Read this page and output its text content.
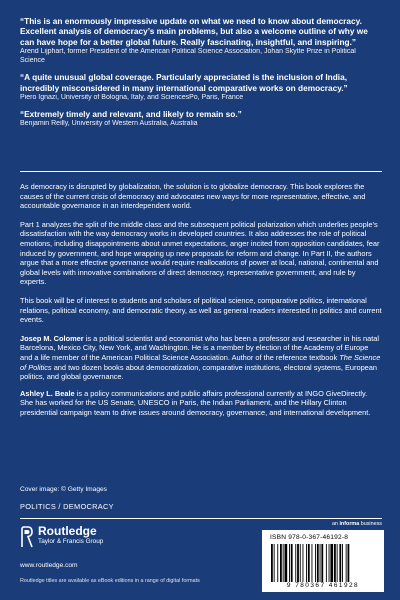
“This is an enormously impressive update on what we need to know about democracy. Excellent analysis of democracy’s main problems, but also a welcome outline of why we can have hope for a better global future. Really fascinating, insightful, and inspiring.”

Arend Lijphart, former President of the American Political Science Association, Johan Skytte Prize in Political Science

“A quite unusual global coverage. Particularly appreciated is the inclusion of India, incredibly misconsidered in many international comparative works on democracy.”

Piero Ignazi, University of Bologna, Italy, and SciencesPo, Paris, France

“Extremely timely and relevant, and likely to remain so.”

Benjamin Reilly, University of Western Australia, Australia

As democracy is disrupted by globalization, the solution is to globalize democracy. This book explores the causes of the current crisis of democracy and advocates new ways for more representative, effective, and accountable governance in an interdependent world.

Part 1 analyzes the split of the middle class and the subsequent political polarization which underlies people’s dissatisfaction with the way democracy works in developed countries. It also addresses the role of political emotions, including disappointments about unmet expectations, anger incited from opposition candidates, fear induced by government, and hope wrapping up new proposals for reform and change. In Part II, the authors argue that a more effective governance would require reallocations of power at local, national, continental and global levels with innovative combinations of direct democracy, representative government, and rule by experts.

This book will be of interest to students and scholars of political science, comparative politics, international relations, political economy, and democratic theory, as well as general readers interested in politics and current events.

Josep M. Colomer is a political scientist and economist who has been a professor and researcher in his natal Barcelona, Mexico City, New York, and Washington. He is a member by election of the Academy of Europe and a life member of the American Political Science Association. Author of the reference textbook The Science of Politics and two dozen books about democratization, comparative institutions, electoral systems, European politics, and global governance.

Ashley L. Beale is a policy communications and public affairs professional currently at INGO GiveDirectly. She has worked for the US Senate, UNESCO in Paris, the Indian Parliament, and the Hillary Clinton presidential campaign team to drive issues around democracy, governance, and international development.

Cover image: © Getty Images
POLITICS / DEMOCRACY
an informa business
Routledge
Taylor & Francis Group
www.routledge.com
Routledge titles are available as eBook editions in a range of digital formats
ISBN 978-0-367-46192-8
9 780367 461928
